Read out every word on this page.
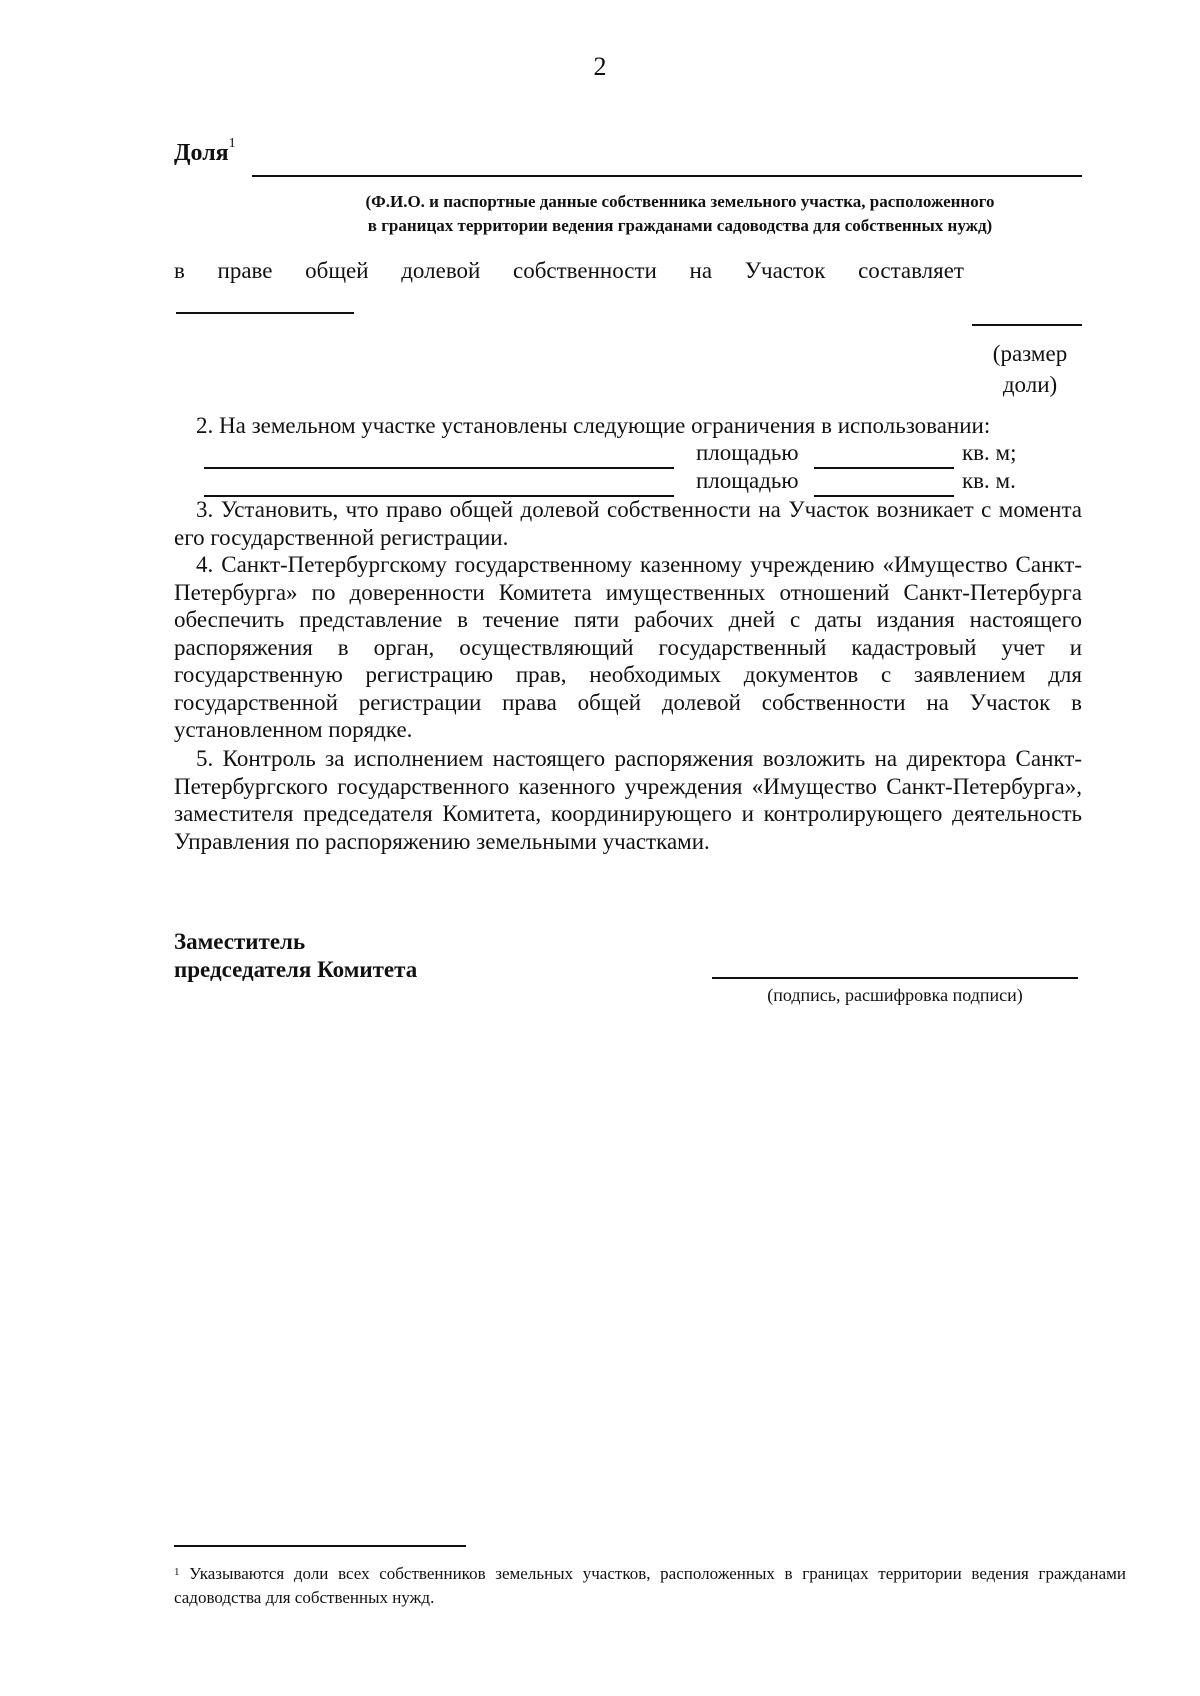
2
Доля$^1$
(Ф.И.О. и паспортные данные собственника земельного участка, расположенного
в границах территории ведения гражданами садоводства для собственных нужд)
в праве общей долевой собственности на Участок составляет
(размер
доли)
2. На земельном участке установлены следующие ограничения в использовании:
площадью	кв. м;
площадью	кв. м.
3. Установить, что право общей долевой собственности на Участок возникает с момента его государственной регистрации.
4. Санкт-Петербургскому государственному казенному учреждению «Имущество Санкт-Петербурга» по доверенности Комитета имущественных отношений Санкт-Петербурга обеспечить представление в течение пяти рабочих дней с даты издания настоящего распоряжения в орган, осуществляющий государственный кадастровый учет и государственную регистрацию прав, необходимых документов с заявлением для государственной регистрации права общей долевой собственности на Участок в установленном порядке.
5. Контроль за исполнением настоящего распоряжения возложить на директора Санкт-Петербургского государственного казенного учреждения «Имущество Санкт-Петербурга», заместителя председателя Комитета, координирующего и контролирующего деятельность Управления по распоряжению земельными участками.
Заместитель
председателя Комитета
(подпись, расшифровка подписи)
$^1$ Указываются доли всех собственников земельных участков, расположенных в границах территории ведения гражданами садоводства для собственных нужд.
